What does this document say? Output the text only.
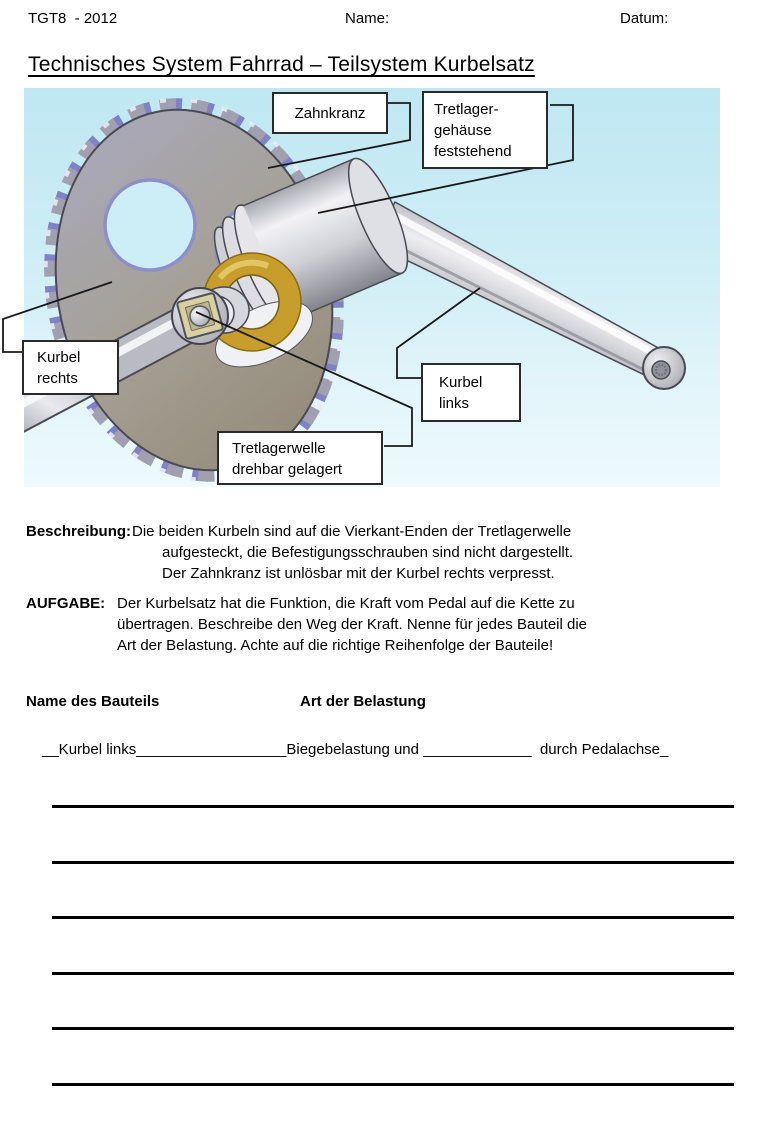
TGT8  - 2012	Name:	Datum:
Technisches System Fahrrad – Teilsystem Kurbelsatz
Zahnkranz	Tretlager-
gehäuse
feststehend
Kurbel
rechts	Kurbel
links
Tretlagerwelle
drehbar gelagert
Beschreibung: Die beiden Kurbeln sind auf die Vierkant-Enden der Tretlagerwelle
aufgesteckt, die Befestigungsschrauben sind nicht dargestellt.
Der Zahnkranz ist unlösbar mit der Kurbel rechts verpresst.
AUFGABE: Der Kurbelsatz hat die Funktion, die Kraft vom Pedal auf die Kette zu
übertragen. Beschreibe den Weg der Kraft. Nenne für jedes Bauteil die
Art der Belastung. Achte auf die richtige Reihenfolge der Bauteile!
Name des Bauteils	Art der Belastung
__Kurbel links__________________Biegebelastung und _____________  durch Pedalachse_
